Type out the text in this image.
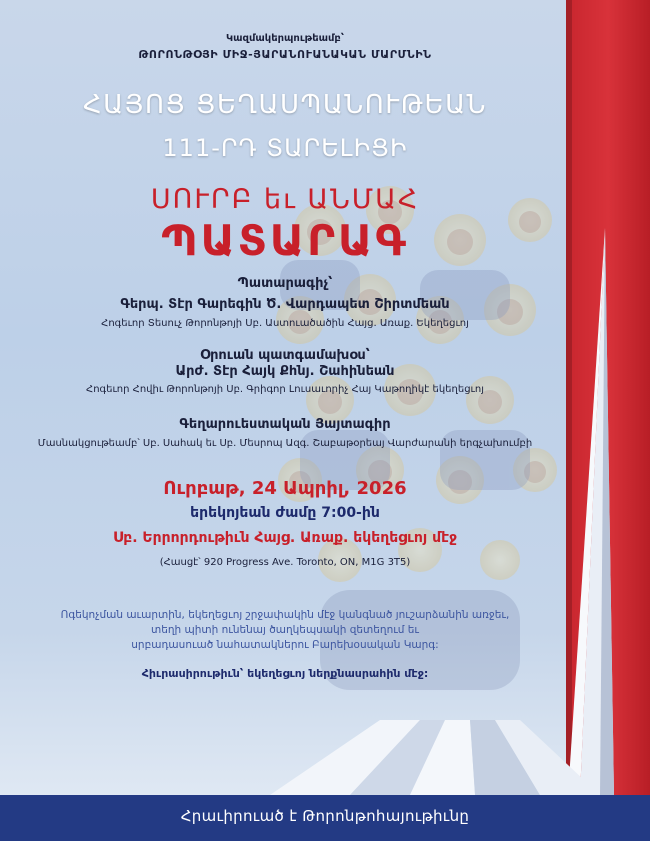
Կազմակերպութեամբ՝
ԹՈՐՈՆԹՕՅԻ ՄԻՋ-ՅԱՐԱՆՈՒԱՆԱԿԱՆ ՄԱՐՄՆԻՆ
ՀԱՅՈՑ ՑԵՂԱՍՊԱՆՈՒԹԵԱՆ
111-ՐԴ ՏԱՐԵԼԻՑԻ
ՍՈՒՐԲ եւ ԱՆՄԱՀ
ՊԱՏԱՐԱԳ
Պատարագիչ՝
Գերպ. Տէր Գարեգին Ծ. Վարդապետ Շիրտմեան
Հոգեւոր Տեսուչ Թորոնթոյի Սբ. Աստուածածին Հայց. Առաք. Եկեղեցւոյ
Օրուան պատգամախօս՝
Արժ. Տէր Հայկ Քհնյ. Շահինեան
Հոգեւոր Հովիւ Թորոնթոյի Սբ. Գրիգոր Լուսաւորիչ Հայ Կաթողիկէ եկեղեցւոյ
Գեղարուեստական Յայտագիր
Մասնակցութեամբ՝ Սբ. Սահակ եւ Սբ. Մեսրոպ Ազգ. Շաբաթօրեայ Վարժարանի երգչախումբի
Ուրբաթ, 24 Ապրիլ, 2026
երեկոյեան ժամը 7:00-ին
Սբ. Երրորդութիւն Հայց. Առաք. եկեղեցւոյ մէջ
(Հասցէ՝ 920 Progress Ave. Toronto, ON, M1G 3T5)
Ոգեկոչման աւարտին, եկեղեցւոյ շրջափակին մէջ կանգնած յուշարձանին առջեւ,
տեղի պիտի ունենայ ծաղկեպսակի զետեղում եւ
սրբադասուած նահատակներու Բարեխօսական Կարգ:
Հիւրասիրութիւն՝ եկեղեցւոյ ներքնասրահին մէջ:
Հրաւիրուած է Թորոնթոհայութիւնը
